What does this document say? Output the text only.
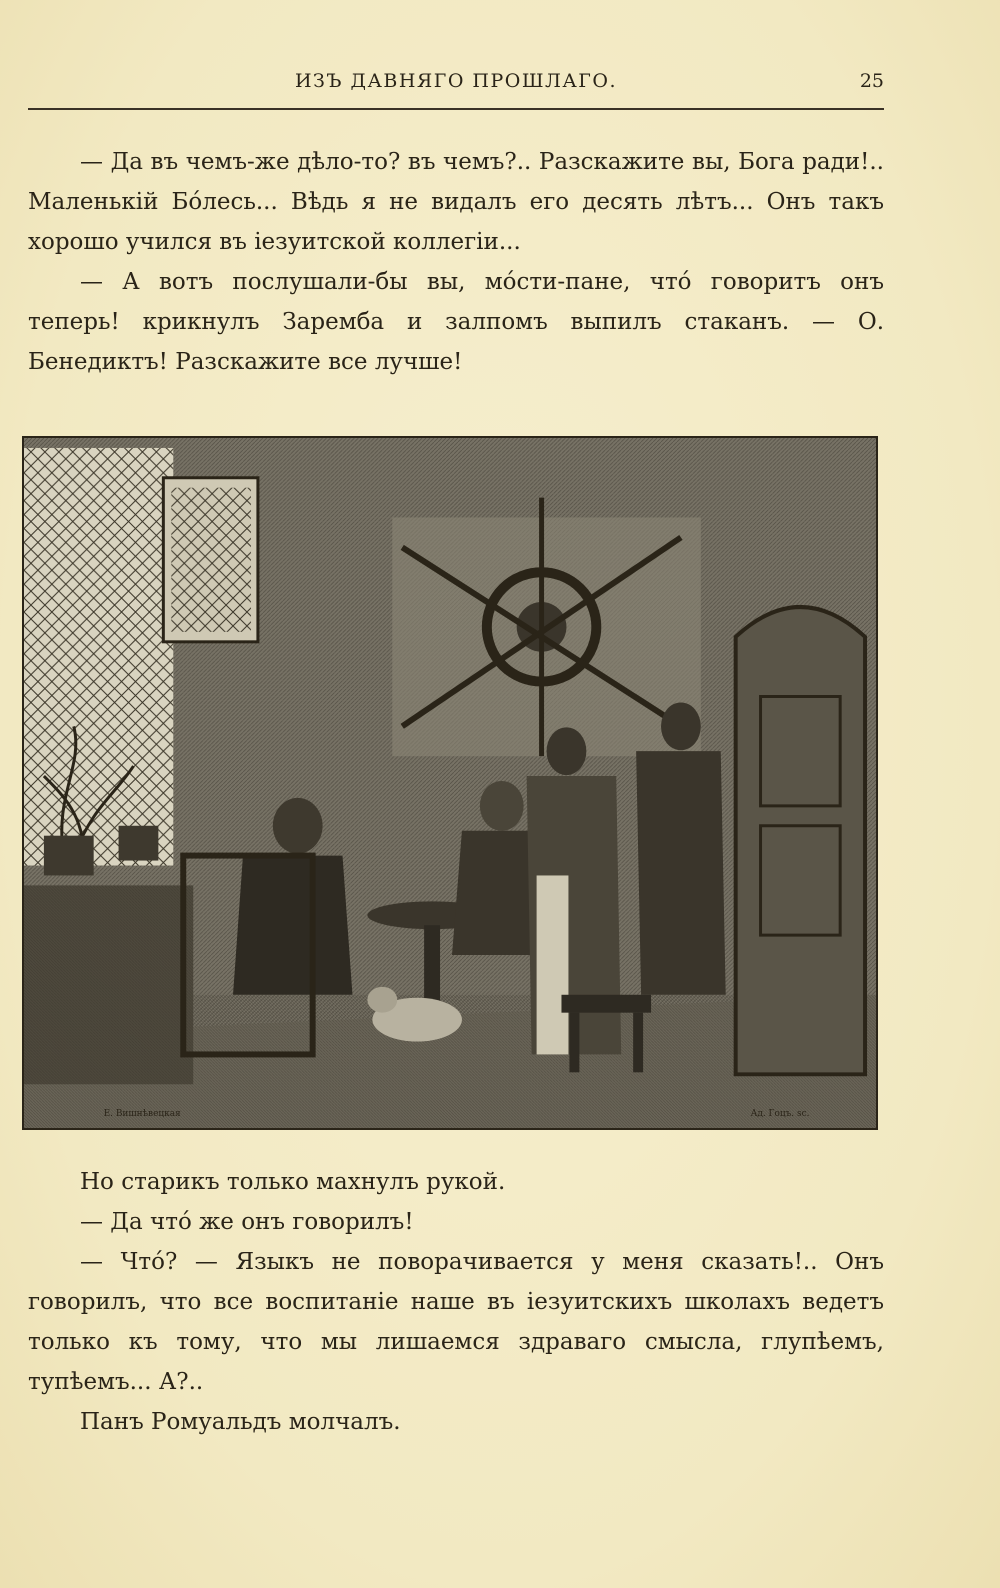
ИЗЪ ДАВНЯГО ПРОШЛАГО.	25

— Да въ чемъ-же дѣло-то? въ чемъ?.. Разскажите вы, Бога ради!.. Маленькій Бо́лесь... Вѣдь я не видалъ его десять лѣтъ... Онъ такъ хорошо учился въ іезуитской коллегіи...

— А вотъ послушали-бы вы, мо́сти-пане, что́ говоритъ онъ теперь! крикнулъ Заремба и залпомъ выпилъ стаканъ. — О. Бенедиктъ! Разскажите все лучше!

Е. Вишнѣвецкая	Ад. Гоцъ. sc.

Но старикъ только махнулъ рукой.

— Да что́ же онъ говорилъ!

— Что́? — Языкъ не поворачивается у меня сказать!.. Онъ говорилъ, что все воспитаніе наше въ іезуитскихъ школахъ ведетъ только къ тому, что мы лишаемся здраваго смысла, глупѣемъ, тупѣемъ... А?..

Панъ Ромуальдъ молчалъ.
